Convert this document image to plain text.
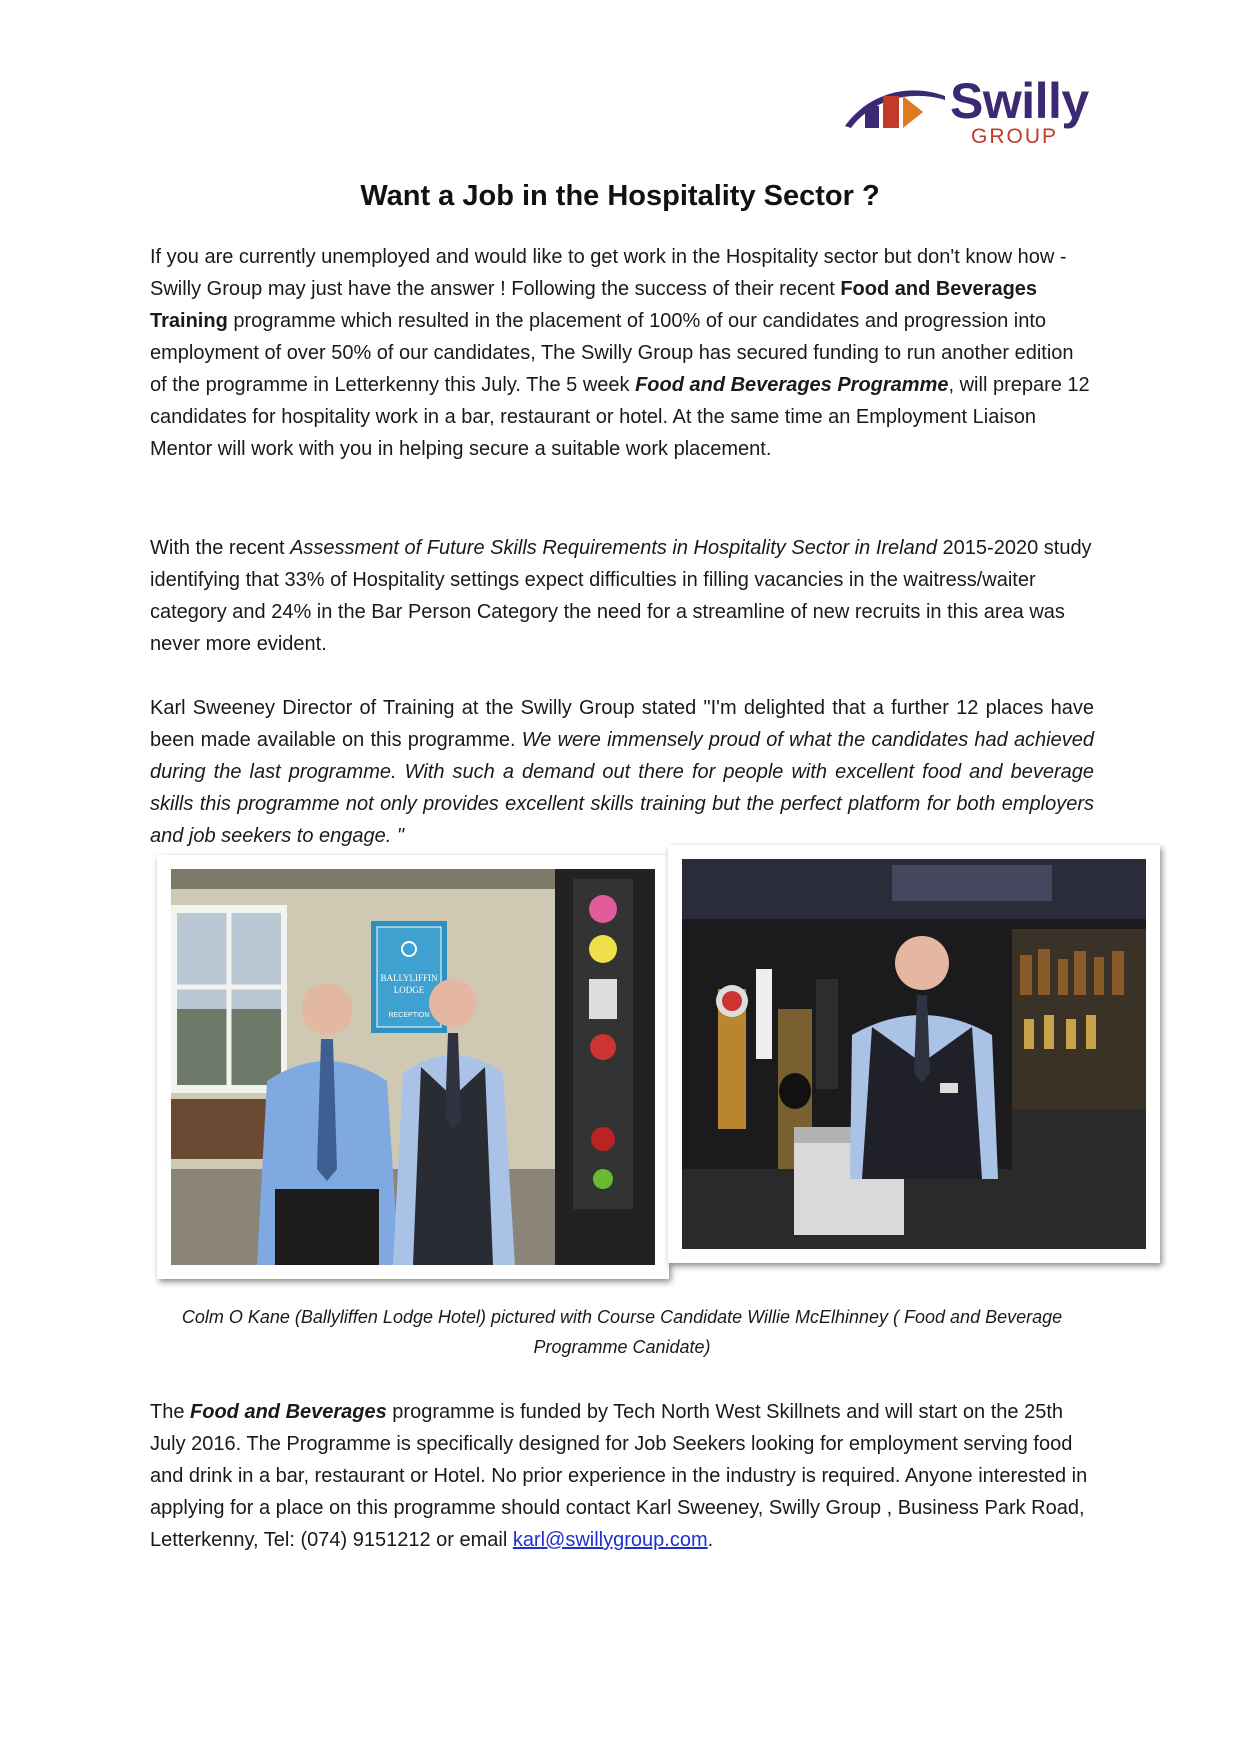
Swilly
GROUP
Want a Job in the Hospitality Sector ?

If you are currently unemployed and would like to get work in the Hospitality sector but don't know how - Swilly Group may just have the answer ! Following the success of their recent Food and Beverages Training programme which resulted in the placement of 100% of our candidates and progression into employment of over 50% of our candidates, The Swilly Group has secured funding to run another edition of the programme in Letterkenny this July. The 5 week Food and Beverages Programme, will prepare 12 candidates for hospitality work in a bar, restaurant or hotel. At the same time an Employment Liaison Mentor will work with you in helping secure a suitable work placement.

With the recent Assessment of Future Skills Requirements in Hospitality Sector in Ireland 2015-2020 study identifying that 33% of Hospitality settings expect difficulties in filling vacancies in the waitress/waiter category and 24% in the Bar Person Category the need for a streamline of new recruits in this area was never more evident.

Karl Sweeney Director of Training at the Swilly Group stated "I'm delighted that a further 12 places have been made available on this programme. We were immensely proud of what the candidates had achieved during the last programme. With such a demand out there for people with excellent food and beverage skills this programme not only provides excellent skills training but the perfect platform for both employers and job seekers to engage. "

BALLYLIFFIN
LODGE
RECEPTION

Colm O Kane (Ballyliffen Lodge Hotel) pictured with Course Candidate Willie McElhinney ( Food and Beverage Programme Canidate)

The Food and Beverages programme is funded by Tech North West Skillnets and will start on the 25th July 2016. The Programme is specifically designed for Job Seekers looking for employment serving food and drink in a bar, restaurant or Hotel. No prior experience in the industry is required. Anyone interested in applying for a place on this programme should contact Karl Sweeney, Swilly Group , Business Park Road, Letterkenny, Tel: (074) 9151212 or email karl@swillygroup.com.
